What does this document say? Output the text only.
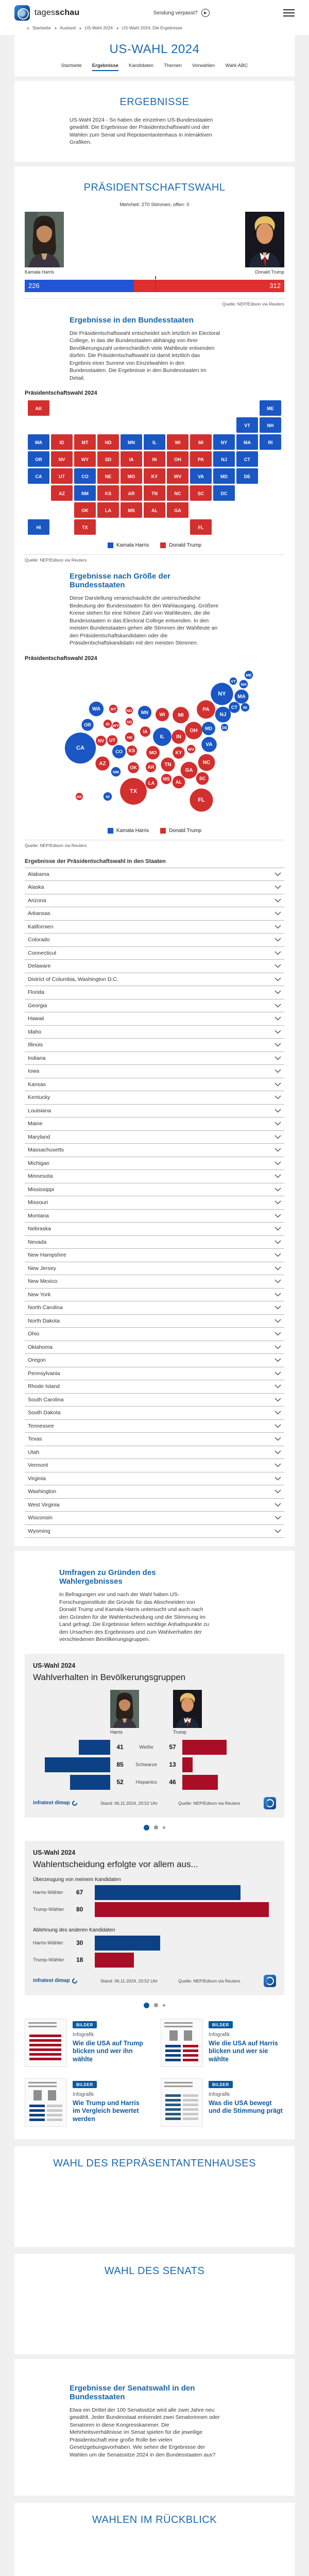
tagesschau	Sendung verpasst?	▶
► Startseite ► Ausland ► US-Wahl 2024 ► US-Wahl 2024: Die Ergebnisse
US-WAHL 2024
Startseite Ergebnisse Kandidaten Themen Vorwahlen Wahl-ABC
ERGEBNISSE

US-Wahl 2024 - So haben die einzelnen US-Bundesstaaten gewählt: Die Ergebnisse der Präsidentschaftswahl und der Wahlen zum Senat und Repräsentantenhaus in interaktiven Grafiken.

PRÄSIDENTSCHAFTSWAHL
Mehrheit: 270 Stimmen, offen: 0
Kamala Harris	Donald Trump
226	312
Quelle: NEP/Edison via Reuters
Ergebnisse in den Bundesstaaten

Die Präsidentschaftswahl entscheidet sich letztlich im Electoral College, in das die Bundesstaaten abhängig von ihrer Bevölkerungszahl unterschiedlich viele Wahlleute entsenden dürfen. Die Präsidentschaftswahl ist damit letztlich das Ergebnis einer Summe von Einzelwahlen in den Bundesstaaten. Die Ergebnisse in den Bundesstaaten im Detail.

Präsidentschaftswahl 2024
AL
AK
AZ	AR
CA	CO
CT
DE
DC
FL
GA
HI
ID	IL
IN
IA
KS
KY
LA
ME
MD
MA
MI
MN
MS
MO
MT
NE
NV
NH
NJ
NM
NY
NC
ND
OH
OK
OR	PA
RI
SC
SD
TN
TX
UT
VT
VA
WA
WV
WI
WY
Kamala Harris	Donald Trump
Quelle: NEP/Edison via Reuters
Ergebnisse nach Größe der Bundesstaaten

Diese Darstellung veranschaulicht die unterschiedliche Bedeutung der Bundesstaaten für den Wahlausgang. Größere Kreise stehen für eine höhere Zahl von Wahlleuten, die die Bundesstaaten in das Electoral College entsenden. In den meisten Bundesstaaten gehen alle Stimmen der Wahlleute an den Präsidentschaftskandidaten oder die Präsidentschaftskandidatin mit den meisten Stimmen.

Präsidentschaftswahl 2024
AL
AK
AZ
AR
CA
CO
CT
DE
FL
GA
HI
ID
IL IN
IA
KS	KY
LA
ME
MD
MA
MI
MN
MS
MO
MT
NE
NV
NH
NJ
NM
NY
NC
ND
OH
OK
OR
PA	RI
SC
SD
TN
TX
UT
VT
VA
WA
WV
WI
WY
Kamala Harris	Donald Trump
Quelle: NEP/Edison via Reuters
Ergebnisse der Präsidentschaftswahl in den Staaten
Alabama
Alaska
Arizona
Arkansas
Kalifornien
Colorado
Connecticut
Delaware
District of Columbia, Washington D.C.
Florida
Georgia
Hawaii
Idaho
Illinois
Indiana
Iowa
Kansas
Kentucky
Louisiana
Maine
Maryland
Massachusetts
Michigan
Minnesota
Mississippi
Missouri
Montana
Nebraska
Nevada
New Hampshire
New Jersey
New Mexico
New York
North Carolina
North Dakota
Ohio
Oklahoma
Oregon
Pennsylvania
Rhode Island
South Carolina
South Dakota
Tennessee
Texas
Utah
Vermont
Virginia
Washington
West Virginia
Wisconsin
Wyoming
Umfragen zu Gründen des Wahlergebnisses

In Befragungen vor und nach der Wahl haben US-Forschungsinstitute die Gründe für das Abschneiden von Donald Trump und Kamala Harris untersucht und auch nach den Gründen für die Wahlentscheidung und die Stimmung im Land gefragt. Die Ergebnisse liefern wichtige Anhaltspunkte zu den Ursachen des Ergebnisses und zum Wahlverhalten der verschiedenen Bevölkerungsgruppen.

US-Wahl 2024
Wahlverhalten in Bevölkerungsgruppen
Harris	Trump
41	Weiße	57
85	Schwarze	13
52	Hispanics	46
infratest dimap	Stand: 06.11.2024, 20:52 Uhr	Quelle: NEP/Edison via Reuters
US-Wahl 2024
Wahlentscheidung erfolgte vor allem aus...
Überzeugung von meinem Kandidaten
Harris-Wähler	67
Trump-Wähler	80
Ablehnung des anderen Kandidaten
Harris-Wähler	30
Trump-Wähler	18
infratest dimap	Stand: 06.11.2024, 20:52 Uhr	Quelle: NEP/Edison via Reuters
BILDER
Infografik
Wie die USA auf Trump blicken und wer ihn wählte
BILDER
Infografik
Wie die USA auf Harris blicken und wer sie wählte
BILDER
Infografik
Wie Trump und Harris im Vergleich bewertet werden
BILDER
Infografik
Was die USA bewegt und die Stimmung prägt
WAHL DES REPRÄSENTANTENHAUSES
WAHL DES SENATS
Ergebnisse der Senatswahl in den Bundesstaaten

Etwa ein Drittel der 100 Senatssitze wird alle zwei Jahre neu gewählt. Jeder Bundesstaat entsendet zwei Senatorinnen oder Senatoren in diese Kongresskammer. Die Mehrheitsverhältnisse im Senat spielen für die jeweilige Präsidentschaft eine große Rolle bei vielen Gesetzgebungsvorhaben. Wie sehen die Ergebnisse der Wahlen um die Senatssitze 2024 in den Bundesstaaten aus?

WAHLEN IM RÜCKBLICK
